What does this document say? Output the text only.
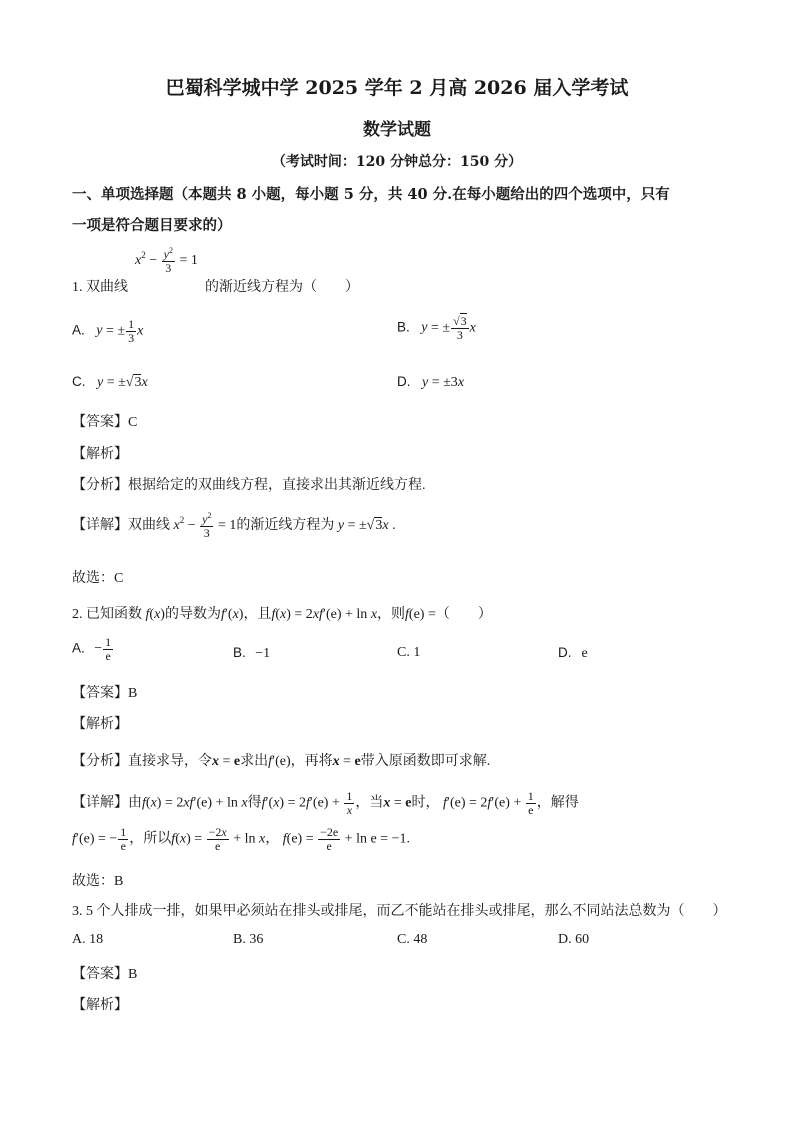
巴蜀科学城中学 2025 学年 2 月高 2026 届入学考试
数学试题
（考试时间：120 分钟总分：150 分）
一、单项选择题（本题共 8 小题，每小题 5 分，共 40 分.在每小题给出的四个选项中，只有
一项是符合题目要求的）
1. 双曲线
$x^2 - \frac{y^2}{3} = 1$
的渐近线方程为（　　）
A. y = ± $\frac{1}{3}$ x	B. y = ± $\frac{√3}{3}$ x
C. y = ±√3x	D. y = ±3x
【答案】C
【解析】
【分析】根据给定的双曲线方程，直接求出其渐近线方程.
【详解】双曲线 $x^2 - \frac{y^2}{3} = 1$的渐近线方程为 y = ±√3x .
故选：C
2. 已知函数 f(x)的导数为f′(x)，且f(x) = 2xf′(e) + ln x，则f(e) =（　　）
A. − $\frac{1}{e}$	B. −1	C. 1	D. e
【答案】B
【解析】
【分析】直接求导，令x = e求出f′(e)，再将x = e带入原函数即可求解.
【详解】由f(x) = 2xf′(e) + ln x得$f'(x) = 2f'(e) + \frac{1}{x}$ ，当x = e时， $f'(e) = 2f'(e) + \frac{1}{e}$ ，解得
f′(e) = − $\frac{1}{e}$ ，所以$f(x) = \frac{-2x}{e} + \ln x$， $f(e) = \frac{-2e}{e} + \ln e = -1$.
故选：B
3. 5 个人排成一排，如果甲必须站在排头或排尾，而乙不能站在排头或排尾，那么不同站法总数为（　　）
A. 18	B. 36	C. 48	D. 60
【答案】B
【解析】
